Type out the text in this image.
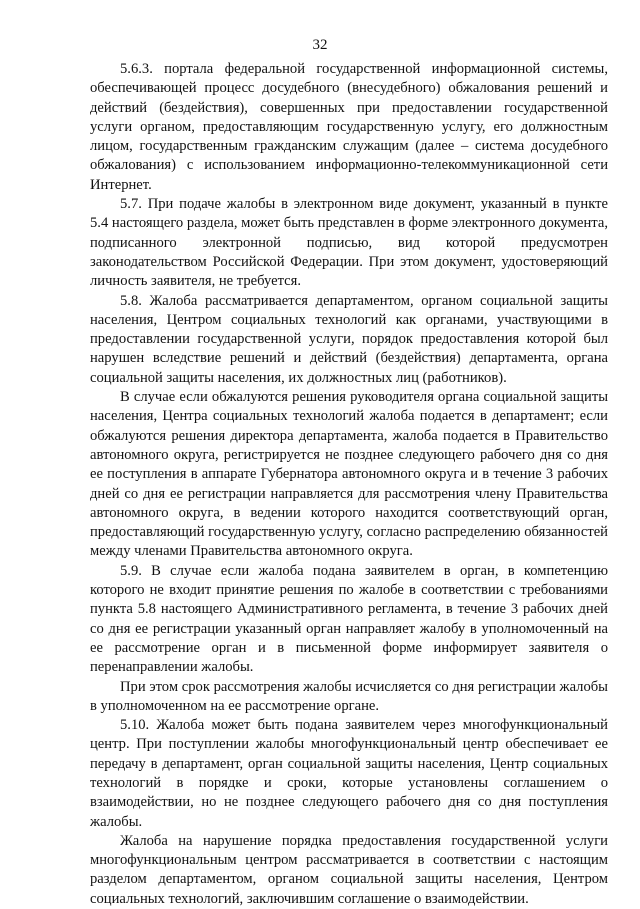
32

5.6.3. портала федеральной государственной информационной системы, обеспечивающей процесс досудебного (внесудебного) обжалования решений и действий (бездействия), совершенных при предоставлении государственной услуги органом, предоставляющим государственную услугу, его должностным лицом, государственным гражданским служащим (далее – система досудебного обжалования) с использованием информационно-телекоммуникационной сети Интернет.

5.7. При подаче жалобы в электронном виде документ, указанный в пункте 5.4 настоящего раздела, может быть представлен в форме электронного документа, подписанного электронной подписью, вид которой предусмотрен законодательством Российской Федерации. При этом документ, удостоверяющий личность заявителя, не требуется.

5.8. Жалоба рассматривается департаментом, органом социальной защиты населения, Центром социальных технологий как органами, участвующими в предоставлении государственной услуги, порядок предоставления которой был нарушен вследствие решений и действий (бездействия) департамента, органа социальной защиты населения, их должностных лиц (работников).

В случае если обжалуются решения руководителя органа социальной защиты населения, Центра социальных технологий жалоба подается в департамент; если обжалуются решения директора департамента, жалоба подается в Правительство автономного округа, регистрируется не позднее следующего рабочего дня со дня ее поступления в аппарате Губернатора автономного округа и в течение 3 рабочих дней со дня ее регистрации направляется для рассмотрения члену Правительства автономного округа, в ведении которого находится соответствующий орган, предоставляющий государственную услугу, согласно распределению обязанностей между членами Правительства автономного округа.

5.9. В случае если жалоба подана заявителем в орган, в компетенцию которого не входит принятие решения по жалобе в соответствии с требованиями пункта 5.8 настоящего Административного регламента, в течение 3 рабочих дней со дня ее регистрации указанный орган направляет жалобу в уполномоченный на ее рассмотрение орган и в письменной форме информирует заявителя о перенаправлении жалобы.

При этом срок рассмотрения жалобы исчисляется со дня регистрации жалобы в уполномоченном на ее рассмотрение органе.

5.10. Жалоба может быть подана заявителем через многофункциональный центр. При поступлении жалобы многофункциональный центр обеспечивает ее передачу в департамент, орган социальной защиты населения, Центр социальных технологий в порядке и сроки, которые установлены соглашением о взаимодействии, но не позднее следующего рабочего дня со дня поступления жалобы.

Жалоба на нарушение порядка предоставления государственной услуги многофункциональным центром рассматривается в соответствии с настоящим разделом департаментом, органом социальной защиты населения, Центром социальных технологий, заключившим соглашение о взаимодействии.
